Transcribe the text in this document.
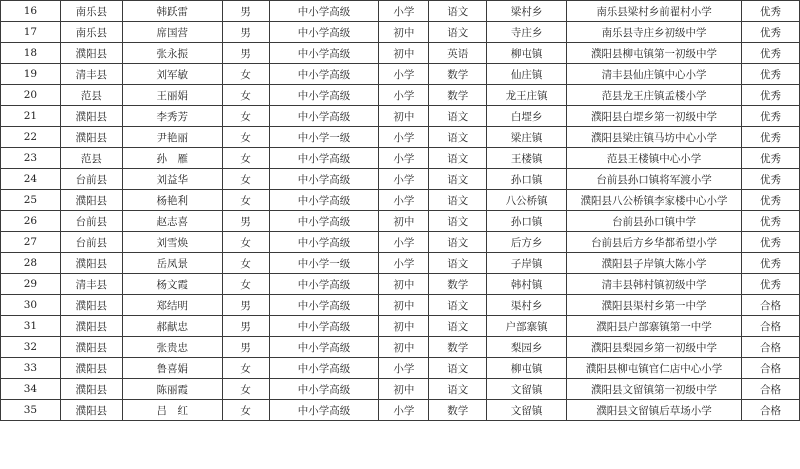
16	南乐县	韩跃雷	男	中小学高级	小学	语文	梁村乡	南乐县梁村乡前翟村小学	优秀
17	南乐县	席国营	男	中小学高级	初中	语文	寺庄乡	南乐县寺庄乡初级中学	优秀
18	濮阳县	张永振	男	中小学高级	初中	英语	柳屯镇	濮阳县柳屯镇第一初级中学	优秀
19	清丰县	刘军敏	女	中小学高级	小学	数学	仙庄镇	清丰县仙庄镇中心小学	优秀
20	范县	王丽娟	女	中小学高级	小学	数学	龙王庄镇	范县龙王庄镇孟楼小学	优秀
21	濮阳县	李秀芳	女	中小学高级	初中	语文	白堽乡	濮阳县白堽乡第一初级中学	优秀
22	濮阳县	尹艳丽	女	中小学一级	小学	语文	梁庄镇	濮阳县梁庄镇马坊中心小学	优秀
23	范县	孙　雁	女	中小学高级	小学	语文	王楼镇	范县王楼镇中心小学	优秀
24	台前县	刘益华	女	中小学高级	小学	语文	孙口镇	台前县孙口镇将军渡小学	优秀
25	濮阳县	杨艳利	女	中小学高级	小学	语文	八公桥镇	濮阳县八公桥镇李家楼中心小学	优秀
26	台前县	赵志喜	男	中小学高级	初中	语文	孙口镇	台前县孙口镇中学	优秀
27	台前县	刘雪焕	女	中小学高级	小学	语文	后方乡	台前县后方乡华都希望小学	优秀
28	濮阳县	岳凤景	女	中小学一级	小学	语文	子岸镇	濮阳县子岸镇大陈小学	优秀
29	清丰县	杨文霞	女	中小学高级	初中	数学	韩村镇	清丰县韩村镇初级中学	优秀
30	濮阳县	郑结明	男	中小学高级	初中	语文	渠村乡	濮阳县渠村乡第一中学	合格
31	濮阳县	郝献忠	男	中小学高级	初中	语文	户部寨镇	濮阳县户部寨镇第一中学	合格
32	濮阳县	张贵忠	男	中小学高级	初中	数学	梨园乡	濮阳县梨园乡第一初级中学	合格
33	濮阳县	鲁喜娟	女	中小学高级	小学	语文	柳屯镇	濮阳县柳屯镇官仁店中心小学	合格
34	濮阳县	陈丽霞	女	中小学高级	初中	语文	文留镇	濮阳县文留镇第一初级中学	合格
35	濮阳县	吕　红	女	中小学高级	小学	数学	文留镇	濮阳县文留镇后草场小学	合格
